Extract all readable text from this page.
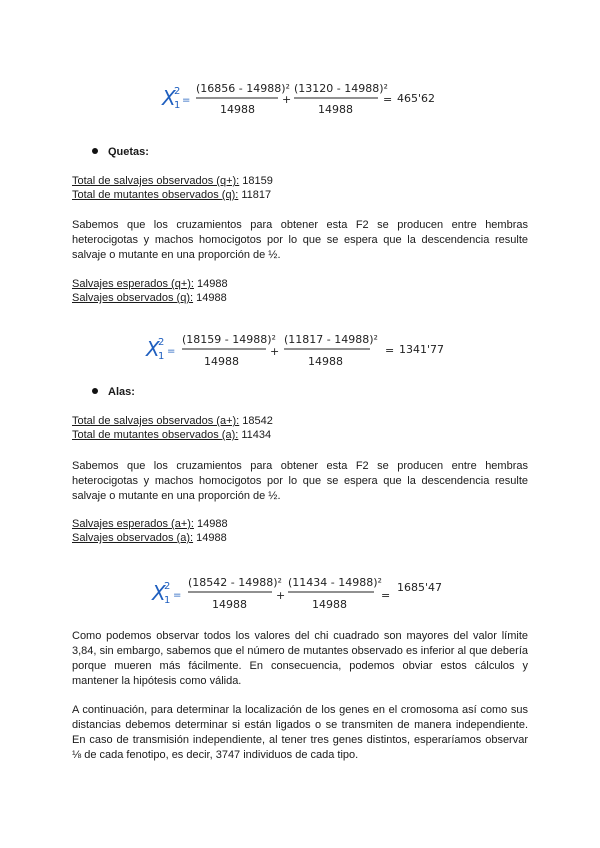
X
2
1 =
(16856 - 14988)²
14988
+
(13120 - 14988)²
14988
= 465'62
Quetas:
Total de salvajes observados (q+): 18159
Total de mutantes observados (q): 11817
Sabemos que los cruzamientos para obtener esta F2 se producen entre hembras heterocigotas y machos homocigotos por lo que se espera que la descendencia resulte salvaje o mutante en una proporción de ½.
Salvajes esperados (q+): 14988
Salvajes observados (q): 14988
X
2
1 =
(18159 - 14988)²
14988
+
(11817 - 14988)²
14988
= 1341'77
Alas:
Total de salvajes observados (a+): 18542
Total de mutantes observados (a): 11434
Sabemos que los cruzamientos para obtener esta F2 se producen entre hembras heterocigotas y machos homocigotos por lo que se espera que la descendencia resulte salvaje o mutante en una proporción de ½.
Salvajes esperados (a+): 14988
Salvajes observados (a): 14988
X
2
1 =
(18542 - 14988)²
14988
+
(11434 - 14988)²
14988
=
1685'47
Como podemos observar todos los valores del chi cuadrado son mayores del valor límite 3,84, sin embargo, sabemos que el número de mutantes observado es inferior al que debería porque mueren más fácilmente. En consecuencia, podemos obviar estos cálculos y mantener la hipótesis como válida.
A continuación, para determinar la localización de los genes en el cromosoma así como sus distancias debemos determinar si están ligados o se transmiten de manera independiente. En caso de transmisión independiente, al tener tres genes distintos, esperaríamos observar ⅛ de cada fenotipo, es decir, 3747 individuos de cada tipo.
